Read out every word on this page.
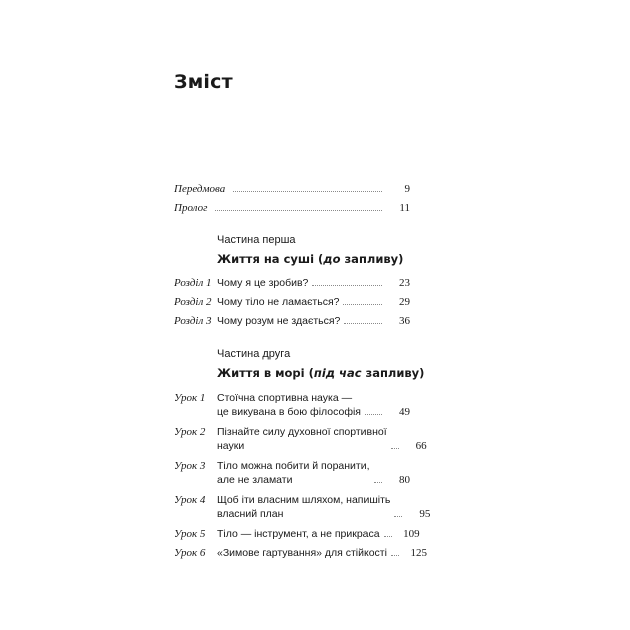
Зміст
Передмова	9
Пролог	11
Частина перша
Життя на суші (до запливу)
Розділ 1 Чому я це зробив?	23
Розділ 2 Чому тіло не ламається?	29
Розділ 3 Чому розум не здається?	36
Частина друга
Життя в морі (під час запливу)
Урок 1	Стоїчна спортивна наука —
це викувана в бою філософія	49
Урок 2	Пізнайте силу духовної спортивної
науки	66
Урок 3	Тіло можна побити й поранити,
але не зламати	80
Урок 4	Щоб іти власним шляхом, напишіть
власний план	95
Урок 5	Тіло — інструмент, а не прикраса	109
Урок 6	«Зимове гартування» для стійкості	125
